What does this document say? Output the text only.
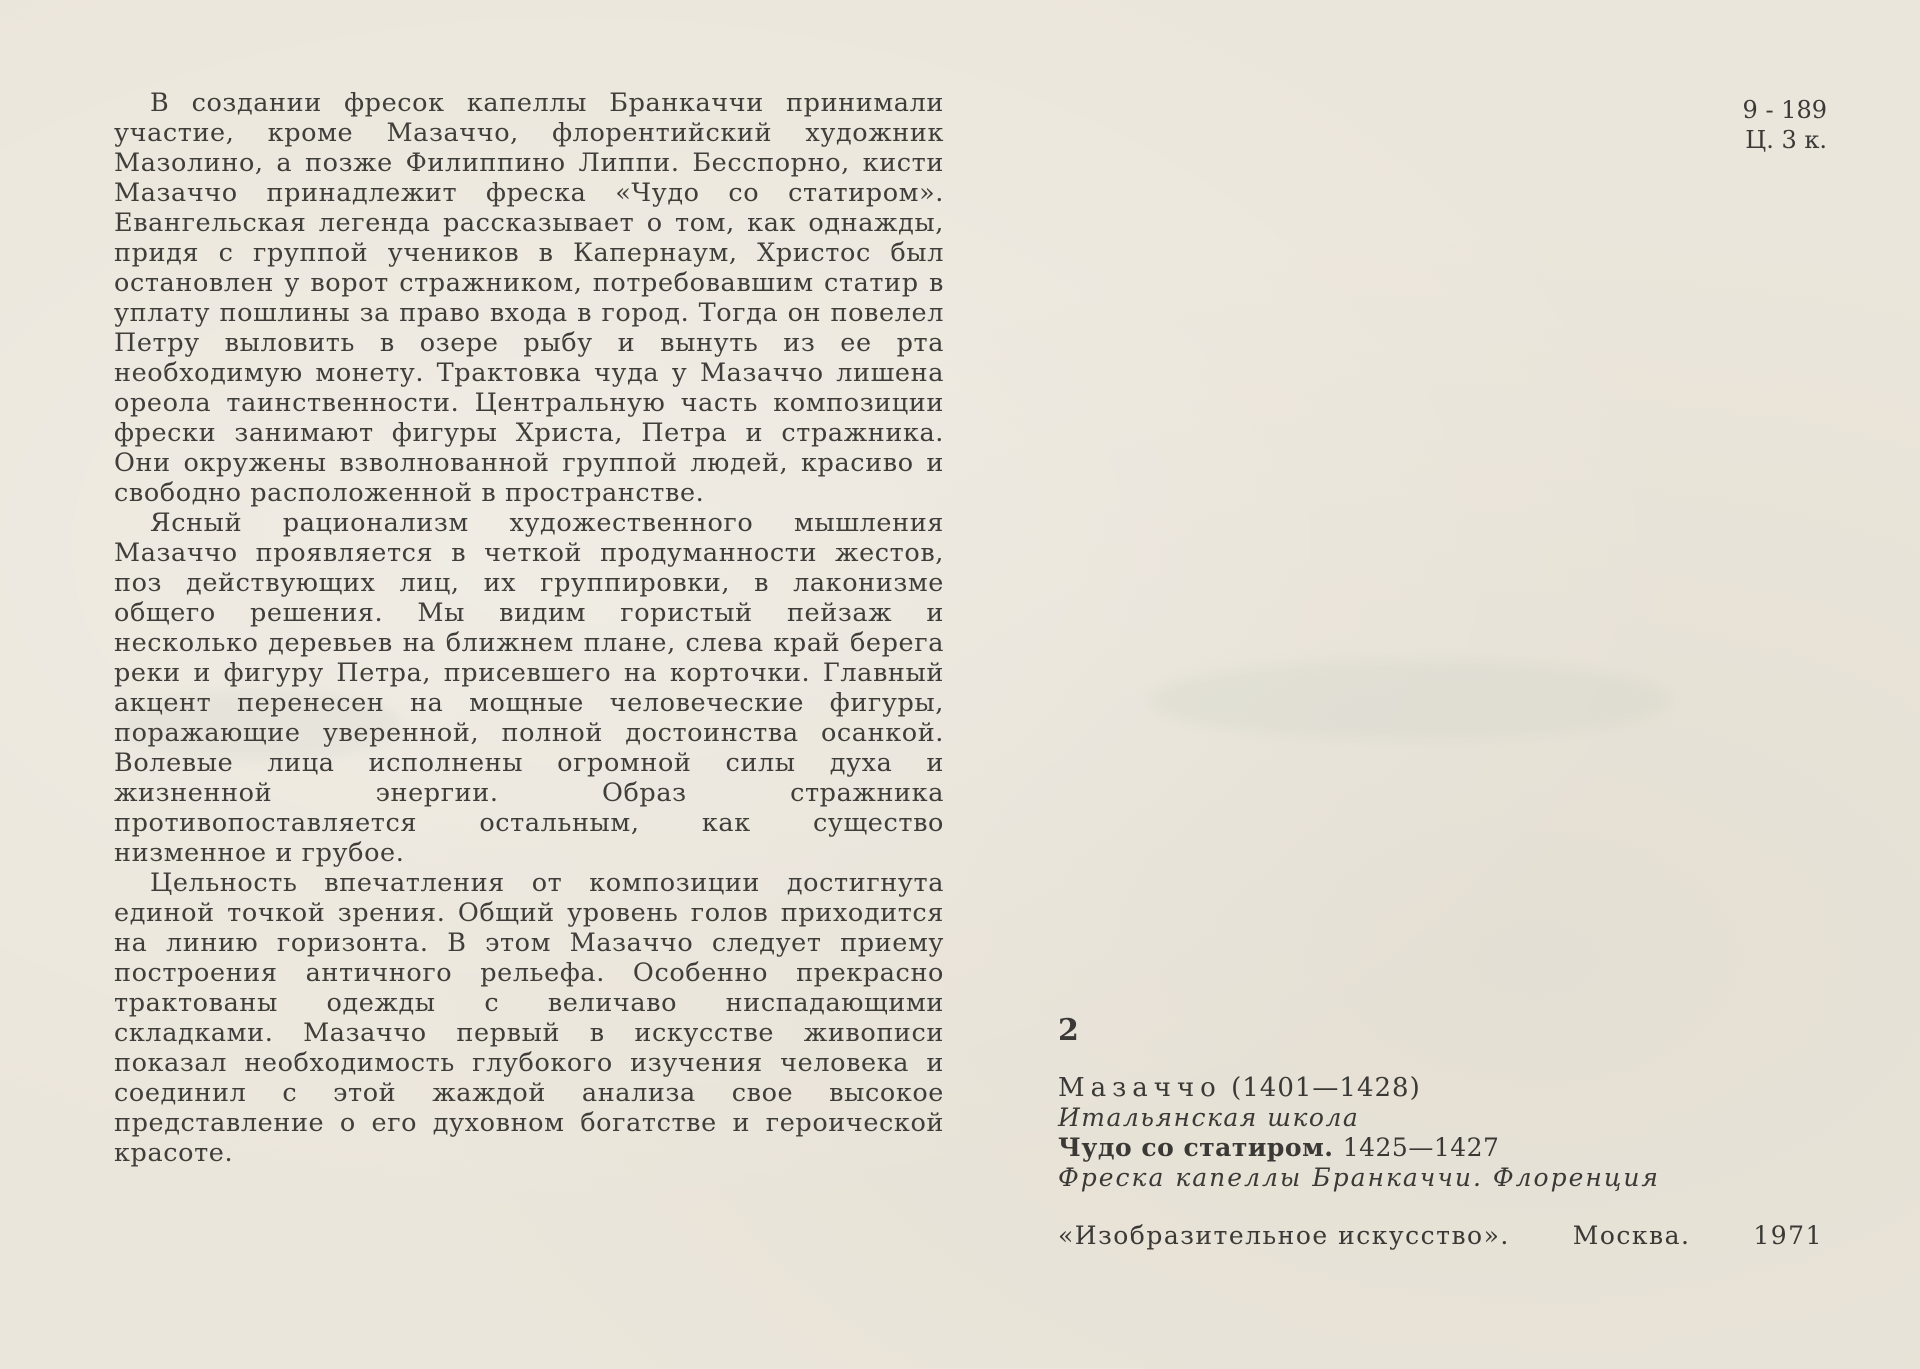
9 - 189
Ц. 3 к.

В создании фресок капеллы Бранкаччи принимали участие, кроме Мазаччо, флорентийский художник Мазолино, а позже Филиппино Липпи. Бесспорно, кисти Мазаччо принадлежит фреска «Чудо со статиром». Евангельская легенда рассказывает о том, как однажды, придя с группой учеников в Капернаум, Христос был остановлен у ворот стражником, потребовавшим статир в уплату пошлины за право входа в город. Тогда он повелел Петру выловить в озере рыбу и вынуть из ее рта необходимую монету. Трактовка чуда у Мазаччо лишена ореола таинственности. Центральную часть композиции фрески занимают фигуры Христа, Петра и стражника. Они окружены взволнованной группой людей, красиво и свободно расположенной в пространстве.

Ясный рационализм художественного мышления Мазаччо проявляется в четкой продуманности жестов, поз действующих лиц, их группировки, в лаконизме общего решения. Мы видим гористый пейзаж и несколько деревьев на ближнем плане, слева край берега реки и фигуру Петра, присевшего на корточки. Главный акцент перенесен на мощные человеческие фигуры, поражающие уверенной, полной достоинства осанкой. Волевые лица исполнены огромной силы духа и жизненной энергии. Образ стражника противопоставляется остальным, как существо низменное и грубое.

Цельность впечатления от композиции достигнута единой точкой зрения. Общий уровень голов приходится на линию горизонта. В этом Мазаччо следует приему построения античного рельефа. Особенно прекрасно трактованы одежды с величаво ниспадающими складками. Мазаччо первый в искусстве живописи показал необходимость глубокого изучения человека и соединил с этой жаждой анализа свое высокое представление о его духовном богатстве и героической красоте.

2
Мазаччо (1401—1428)
Итальянская школа
Чудо со статиром. 1425—1427
Фреска капеллы Бранкаччи. Флоренция
«Изобразительное искусство».	Москва.	1971
